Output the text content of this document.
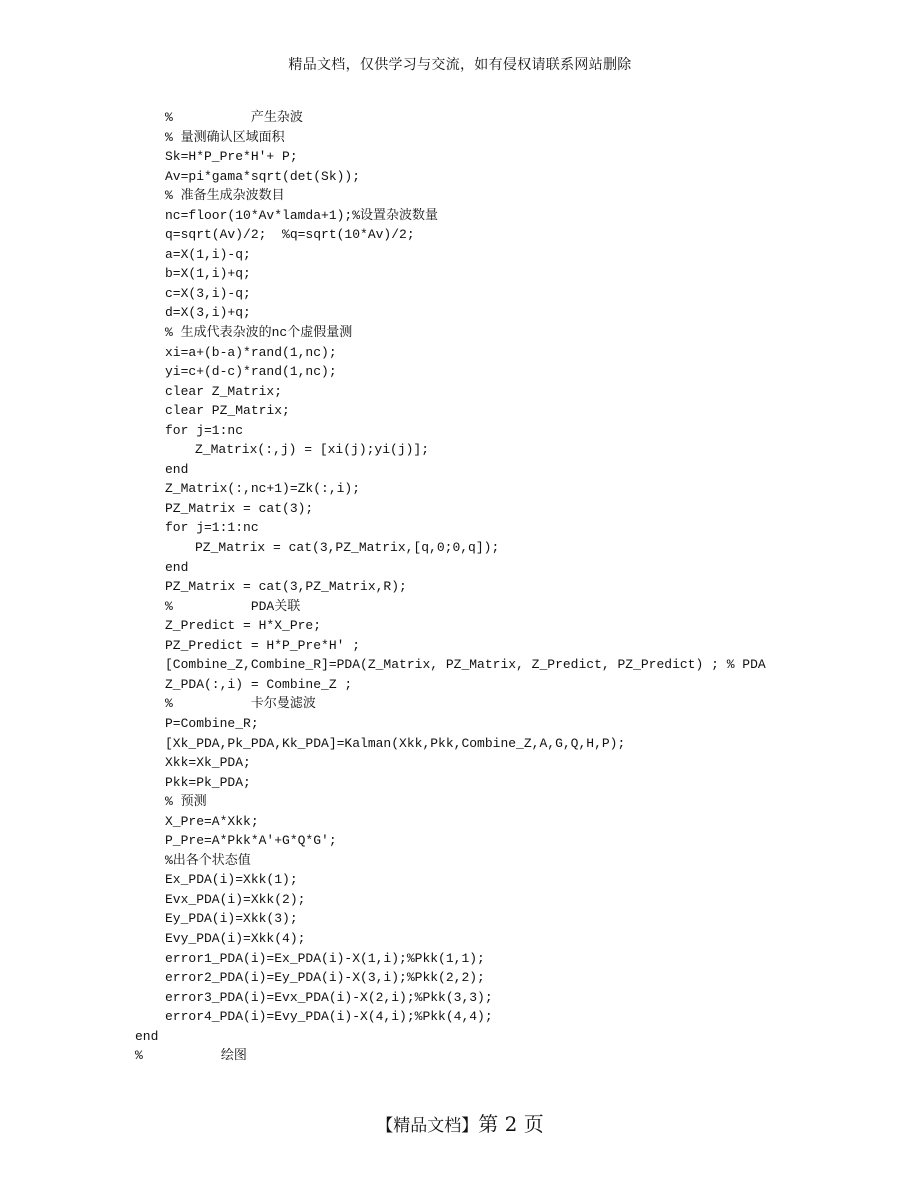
精品文档，仅供学习与交流，如有侵权请联系网站删除
%          产生杂波
% 量测确认区域面积
Sk=H*P_Pre*H'+ P;
Av=pi*gama*sqrt(det(Sk));
% 准备生成杂波数目
nc=floor(10*Av*lamda+1);%设置杂波数量
q=sqrt(Av)/2;  %q=sqrt(10*Av)/2;
a=X(1,i)-q;
b=X(1,i)+q;
c=X(3,i)-q;
d=X(3,i)+q;
% 生成代表杂波的nc个虚假量测
xi=a+(b-a)*rand(1,nc);
yi=c+(d-c)*rand(1,nc);
clear Z_Matrix;
clear PZ_Matrix;
for j=1:nc
Z_Matrix(:,j) = [xi(j);yi(j)];
end
Z_Matrix(:,nc+1)=Zk(:,i);
PZ_Matrix = cat(3);
for j=1:1:nc
PZ_Matrix = cat(3,PZ_Matrix,[q,0;0,q]);
end
PZ_Matrix = cat(3,PZ_Matrix,R);
%          PDA关联
Z_Predict = H*X_Pre;
PZ_Predict = H*P_Pre*H' ;
[Combine_Z,Combine_R]=PDA(Z_Matrix, PZ_Matrix, Z_Predict, PZ_Predict) ; % PDA
Z_PDA(:,i) = Combine_Z ;
%          卡尔曼滤波
P=Combine_R;
[Xk_PDA,Pk_PDA,Kk_PDA]=Kalman(Xkk,Pkk,Combine_Z,A,G,Q,H,P);
Xkk=Xk_PDA;
Pkk=Pk_PDA;
% 预测
X_Pre=A*Xkk;
P_Pre=A*Pkk*A'+G*Q*G';
%出各个状态值
Ex_PDA(i)=Xkk(1);
Evx_PDA(i)=Xkk(2);
Ey_PDA(i)=Xkk(3);
Evy_PDA(i)=Xkk(4);
error1_PDA(i)=Ex_PDA(i)-X(1,i);%Pkk(1,1);
error2_PDA(i)=Ey_PDA(i)-X(3,i);%Pkk(2,2);
error3_PDA(i)=Evx_PDA(i)-X(2,i);%Pkk(3,3);
error4_PDA(i)=Evy_PDA(i)-X(4,i);%Pkk(4,4);
end
%          绘图
【精品文档】第 2 页
